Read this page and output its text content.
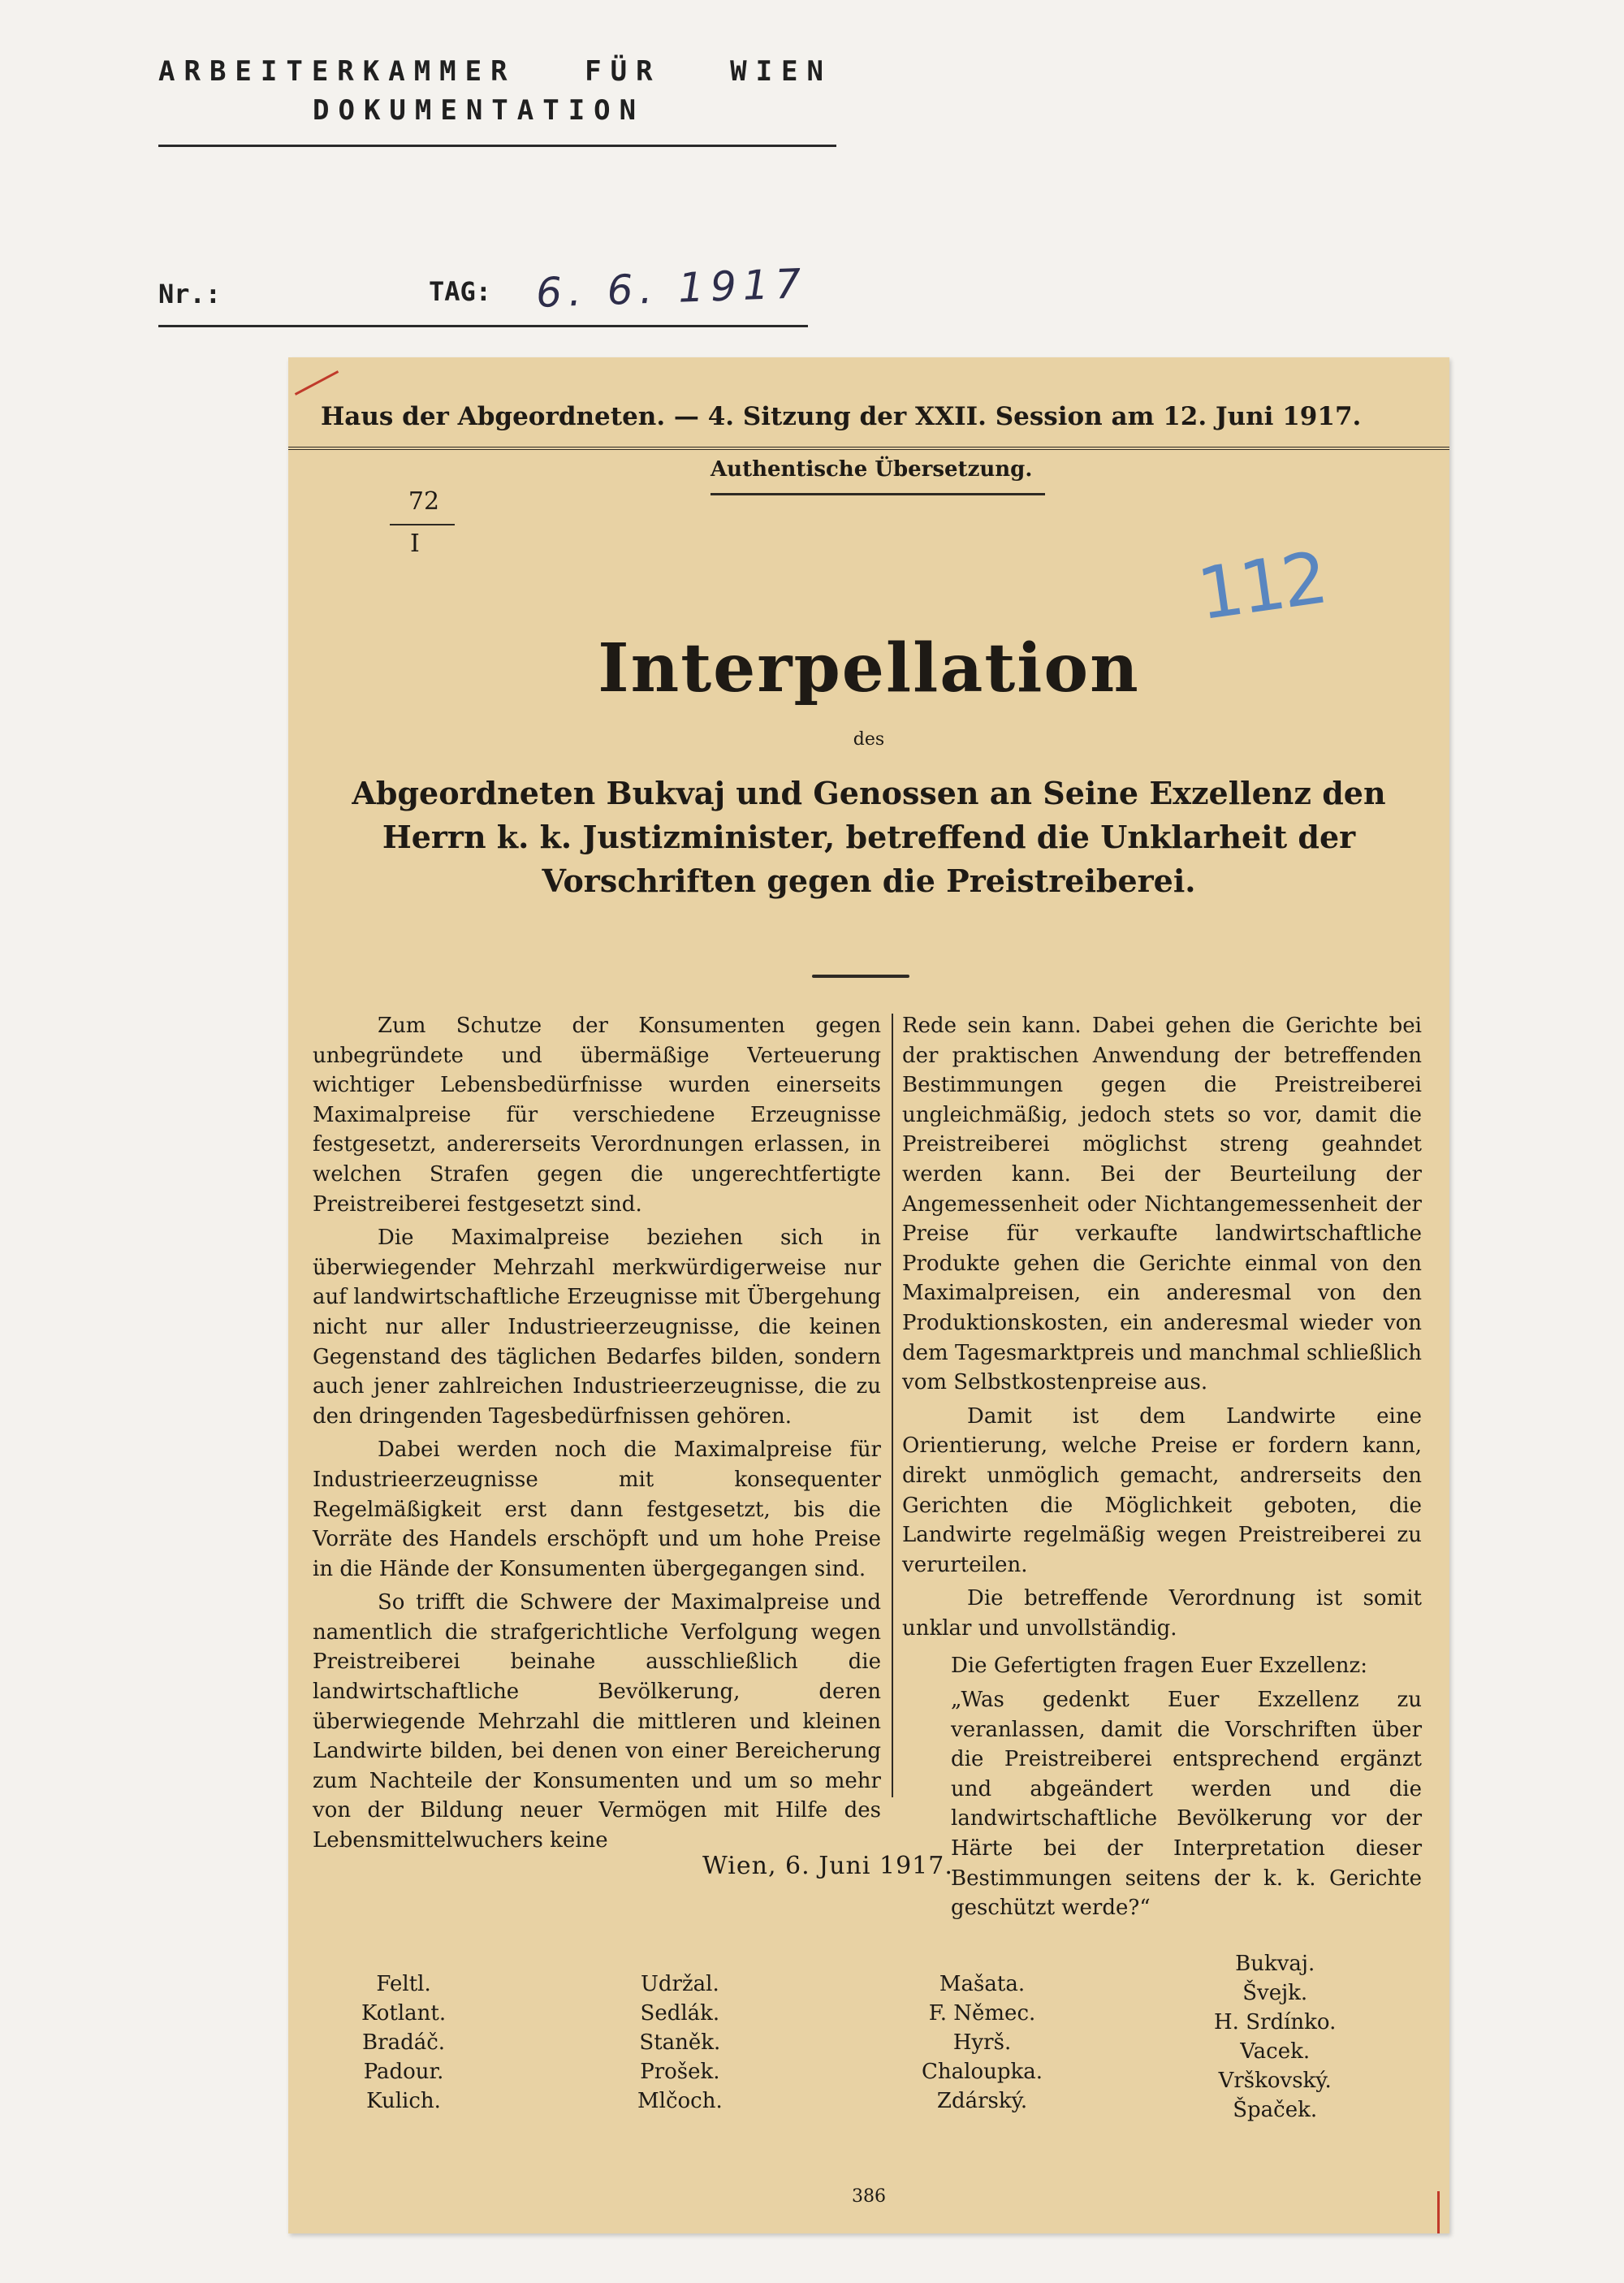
ARBEITERKAMMER FÜR WIEN
DOKUMENTATION
Nr.:	TAG: 6. 6. 1917
Haus der Abgeordneten. — 4. Sitzung der XXII. Session am 12. Juni 1917.
Authentische Übersetzung.
72
I	112
Interpellation
des
Abgeordneten Bukvaj und Genossen an Seine Exzellenz den Herrn k. k. Justizminister, betreffend die Unklarheit der Vorschriften gegen die Preistreiberei.

Zum Schutze der Konsumenten gegen unbegründete und übermäßige Verteuerung wichtiger Lebensbedürfnisse wurden einerseits Maximalpreise für verschiedene Erzeugnisse festgesetzt, andererseits Verordnungen erlassen, in welchen Strafen gegen die ungerechtfertigte Preistreiberei festgesetzt sind.

Die Maximalpreise beziehen sich in überwiegender Mehrzahl merkwürdigerweise nur auf landwirtschaftliche Erzeugnisse mit Übergehung nicht nur aller Industrieerzeugnisse, die keinen Gegenstand des täglichen Bedarfes bilden, sondern auch jener zahlreichen Industrieerzeugnisse, die zu den dringenden Tagesbedürfnissen gehören.

Dabei werden noch die Maximalpreise für Industrieerzeugnisse mit konsequenter Regelmäßigkeit erst dann festgesetzt, bis die Vorräte des Handels erschöpft und um hohe Preise in die Hände der Konsumenten übergegangen sind.

So trifft die Schwere der Maximalpreise und namentlich die strafgerichtliche Verfolgung wegen Preistreiberei beinahe ausschließlich die landwirtschaftliche Bevölkerung, deren überwiegende Mehrzahl die mittleren und kleinen Landwirte bilden, bei denen von einer Bereicherung zum Nachteile der Konsumenten und um so mehr von der Bildung neuer Vermögen mit Hilfe des Lebensmittelwuchers keine

Rede sein kann. Dabei gehen die Gerichte bei der praktischen Anwendung der betreffenden Bestimmungen gegen die Preistreiberei ungleichmäßig, jedoch stets so vor, damit die Preistreiberei möglichst streng geahndet werden kann. Bei der Beurteilung der Angemessenheit oder Nichtangemessenheit der Preise für verkaufte landwirtschaftliche Produkte gehen die Gerichte einmal von den Maximalpreisen, ein anderesmal von den Produktionskosten, ein anderesmal wieder von dem Tagesmarktpreis und manchmal schließlich vom Selbstkostenpreise aus.

Damit ist dem Landwirte eine Orientierung, welche Preise er fordern kann, direkt unmöglich gemacht, andrerseits den Gerichten die Möglichkeit geboten, die Landwirte regelmäßig wegen Preistreiberei zu verurteilen.

Die betreffende Verordnung ist somit unklar und unvollständig.

Die Gefertigten fragen Euer Exzellenz:

„Was gedenkt Euer Exzellenz zu veranlassen, damit die Vorschriften über die Preistreiberei entsprechend ergänzt und abgeändert werden und die landwirtschaftliche Bevölkerung vor der Härte bei der Interpretation dieser Bestimmungen seitens der k. k. Gerichte geschützt werde?“

Wien, 6. Juni 1917.
Feltl.
Kotlant.
Bradáč.
Padour.
Kulich.
Udržal.
Sedlák.
Staněk.
Prošek.
Mlčoch.
Mašata.
F. Němec.
Hyrš.
Chaloupka.
Zdárský.
Bukvaj.
Švejk.
H. Srdínko.
Vacek.
Vrškovský.
Špaček.
386
